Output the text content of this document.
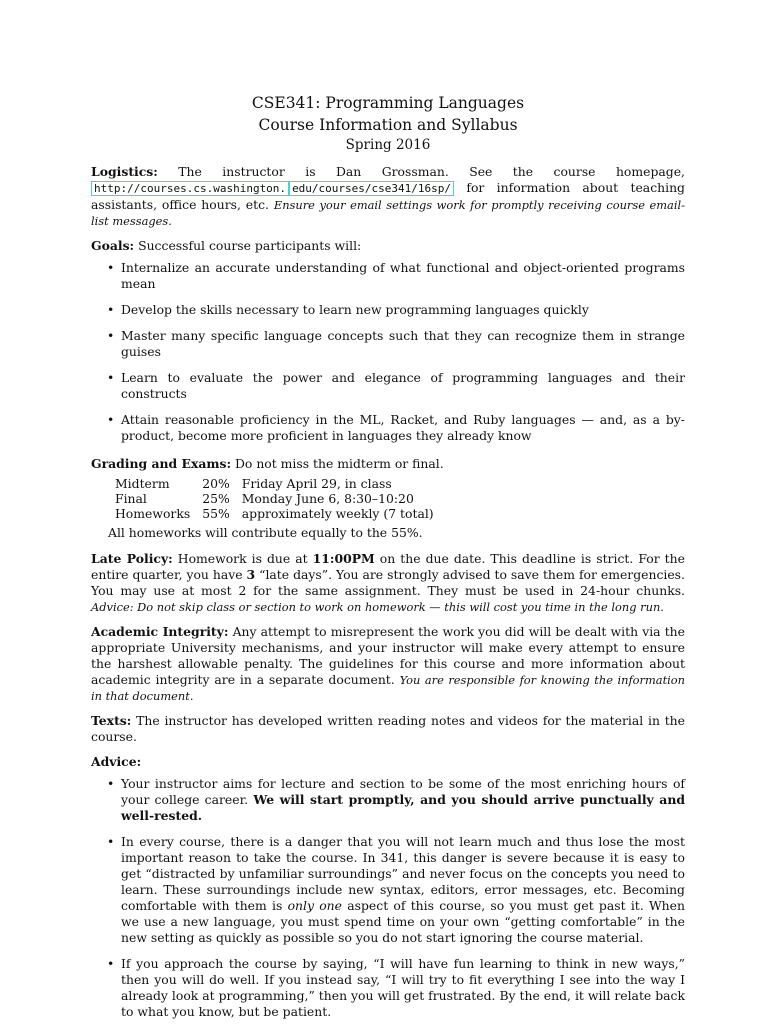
CSE341: Programming Languages
Course Information and Syllabus
Spring 2016

Logistics: The instructor is Dan Grossman. See the course homepage, http://courses.cs.washington. edu/courses/cse341/16sp/ for information about teaching assistants, office hours, etc. Ensure your email settings work for promptly receiving course email-list messages.

Goals: Successful course participants will:

• Internalize an accurate understanding of what functional and object-oriented programs mean
• Develop the skills necessary to learn new programming languages quickly
• Master many specific language concepts such that they can recognize them in strange guises
• Learn to evaluate the power and elegance of programming languages and their constructs
• Attain reasonable proficiency in the ML, Racket, and Ruby languages — and, as a by-product, become more proficient in languages they already know

Grading and Exams: Do not miss the midterm or final.

Midterm	20%	Friday April 29, in class
Final	25%	Monday June 6, 8:30–10:20
Homeworks	55%	approximately weekly (7 total)
All homeworks will contribute equally to the 55%.

Late Policy: Homework is due at 11:00PM on the due date. This deadline is strict. For the entire quarter, you have 3 “late days”. You are strongly advised to save them for emergencies. You may use at most 2 for the same assignment. They must be used in 24-hour chunks. Advice: Do not skip class or section to work on homework — this will cost you time in the long run.

Academic Integrity: Any attempt to misrepresent the work you did will be dealt with via the appropriate University mechanisms, and your instructor will make every attempt to ensure the harshest allowable penalty. The guidelines for this course and more information about academic integrity are in a separate document. You are responsible for knowing the information in that document.

Texts: The instructor has developed written reading notes and videos for the material in the course.

Advice:

• Your instructor aims for lecture and section to be some of the most enriching hours of your college career. We will start promptly, and you should arrive punctually and well-rested.
• In every course, there is a danger that you will not learn much and thus lose the most important reason to take the course. In 341, this danger is severe because it is easy to get “distracted by unfamiliar surroundings” and never focus on the concepts you need to learn. These surroundings include new syntax, editors, error messages, etc. Becoming comfortable with them is only one aspect of this course, so you must get past it. When we use a new language, you must spend time on your own “getting comfortable” in the new setting as quickly as possible so you do not start ignoring the course material.
• If you approach the course by saying, “I will have fun learning to think in new ways,” then you will do well. If you instead say, “I will try to fit everything I see into the way I already look at programming,” then you will get frustrated. By the end, it will relate back to what you know, but be patient.
